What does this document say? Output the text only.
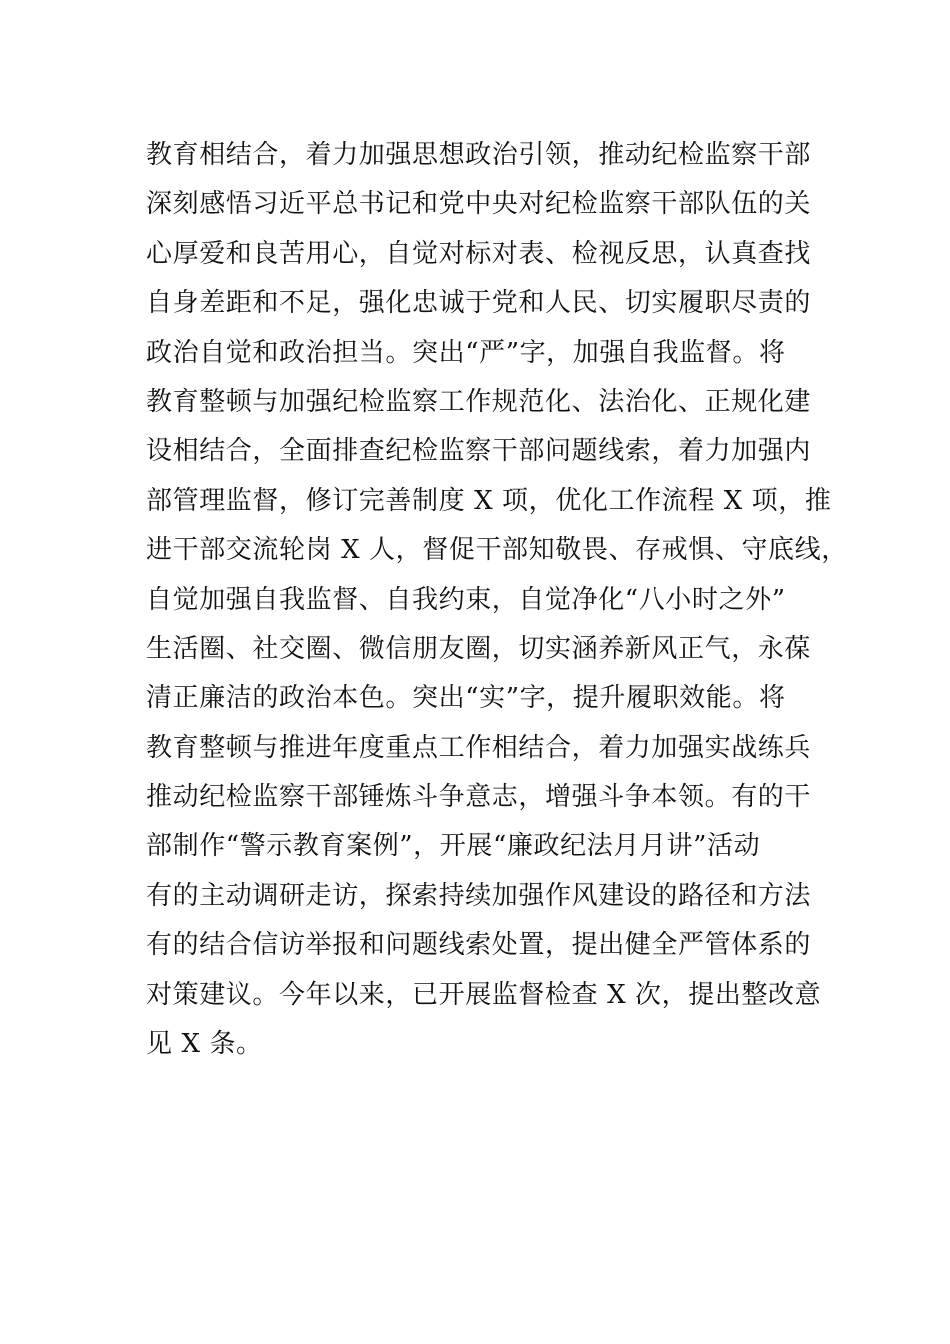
教育相结合，着力加强思想政治引领，推动纪检监察干部
深刻感悟习近平总书记和党中央对纪检监察干部队伍的关
心厚爱和良苦用心，自觉对标对表、检视反思，认真查找
自身差距和不足，强化忠诚于党和人民、切实履职尽责的
政治自觉和政治担当。突出“严”字，加强自我监督。将
教育整顿与加强纪检监察工作规范化、法治化、正规化建
设相结合，全面排查纪检监察干部问题线索，着力加强内
部管理监督，修订完善制度 X 项，优化工作流程 X 项，推
进干部交流轮岗 X 人，督促干部知敬畏、存戒惧、守底线，
自觉加强自我监督、自我约束，自觉净化“八小时之外”
生活圈、社交圈、微信朋友圈，切实涵养新风正气，永葆
清正廉洁的政治本色。突出“实”字，提升履职效能。将
教育整顿与推进年度重点工作相结合，着力加强实战练兵
推动纪检监察干部锤炼斗争意志，增强斗争本领。有的干
部制作“警示教育案例”，开展“廉政纪法月月讲”活动
有的主动调研走访，探索持续加强作风建设的路径和方法
有的结合信访举报和问题线索处置，提出健全严管体系的
对策建议。今年以来，已开展监督检查 X 次，提出整改意
见 X 条。
